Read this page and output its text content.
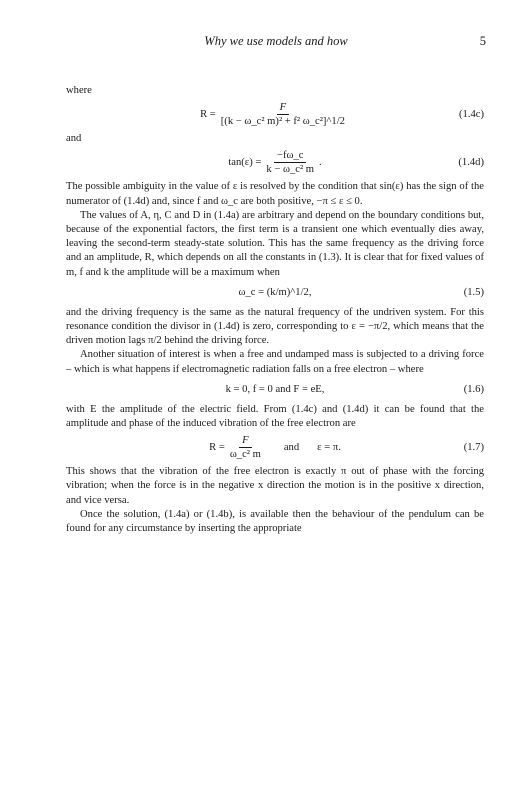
Why we use models and how	5

where

$R = \frac{F}{\text{[(k − ω\_c² m)² + f² ω\_c²]\textasciicircum{}1/2}}$	(1.4c)

and

$\tan(\varepsilon) = \frac{-f\omega\_c}{\text{k − ω\_c² m}}$ .	(1.4d)

The possible ambiguity in the value of ε is resolved by the condition that sin(ε) has the sign of the numerator of (1.4d) and, since f and ω_c are both positive, −π ≤ ε ≤ 0.

The values of A, η, C and D in (1.4a) are arbitrary and depend on the boundary conditions but, because of the exponential factors, the first term is a transient one which eventually dies away, leaving the second-term steady-state solution. This has the same frequency as the driving force and an amplitude, R, which depends on all the constants in (1.3). It is clear that for fixed values of m, f and k the amplitude will be a maximum when

ω_c = (k/m)^1/2,	(1.5)

and the driving frequency is the same as the natural frequency of the undriven system. For this resonance condition the divisor in (1.4d) is zero, corresponding to ε = −π/2, which means that the driven motion lags π/2 behind the driving force.

Another situation of interest is when a free and undamped mass is subjected to a driving force – which is what happens if electromagnetic radiation falls on a free electron – where

k = 0, f = 0 and F = eE,	(1.6)

with E the amplitude of the electric field. From (1.4c) and (1.4d) it can be found that the amplitude and phase of the induced vibration of the free electron are

$R = \frac{F}{\text{ω\_c² m}}$ and ε = π.	(1.7)

This shows that the vibration of the free electron is exactly π out of phase with the forcing vibration; when the force is in the negative x direction the motion is in the positive x direction, and vice versa.

Once the solution, (1.4a) or (1.4b), is available then the behaviour of the pendulum can be found for any circumstance by inserting the appropriate
